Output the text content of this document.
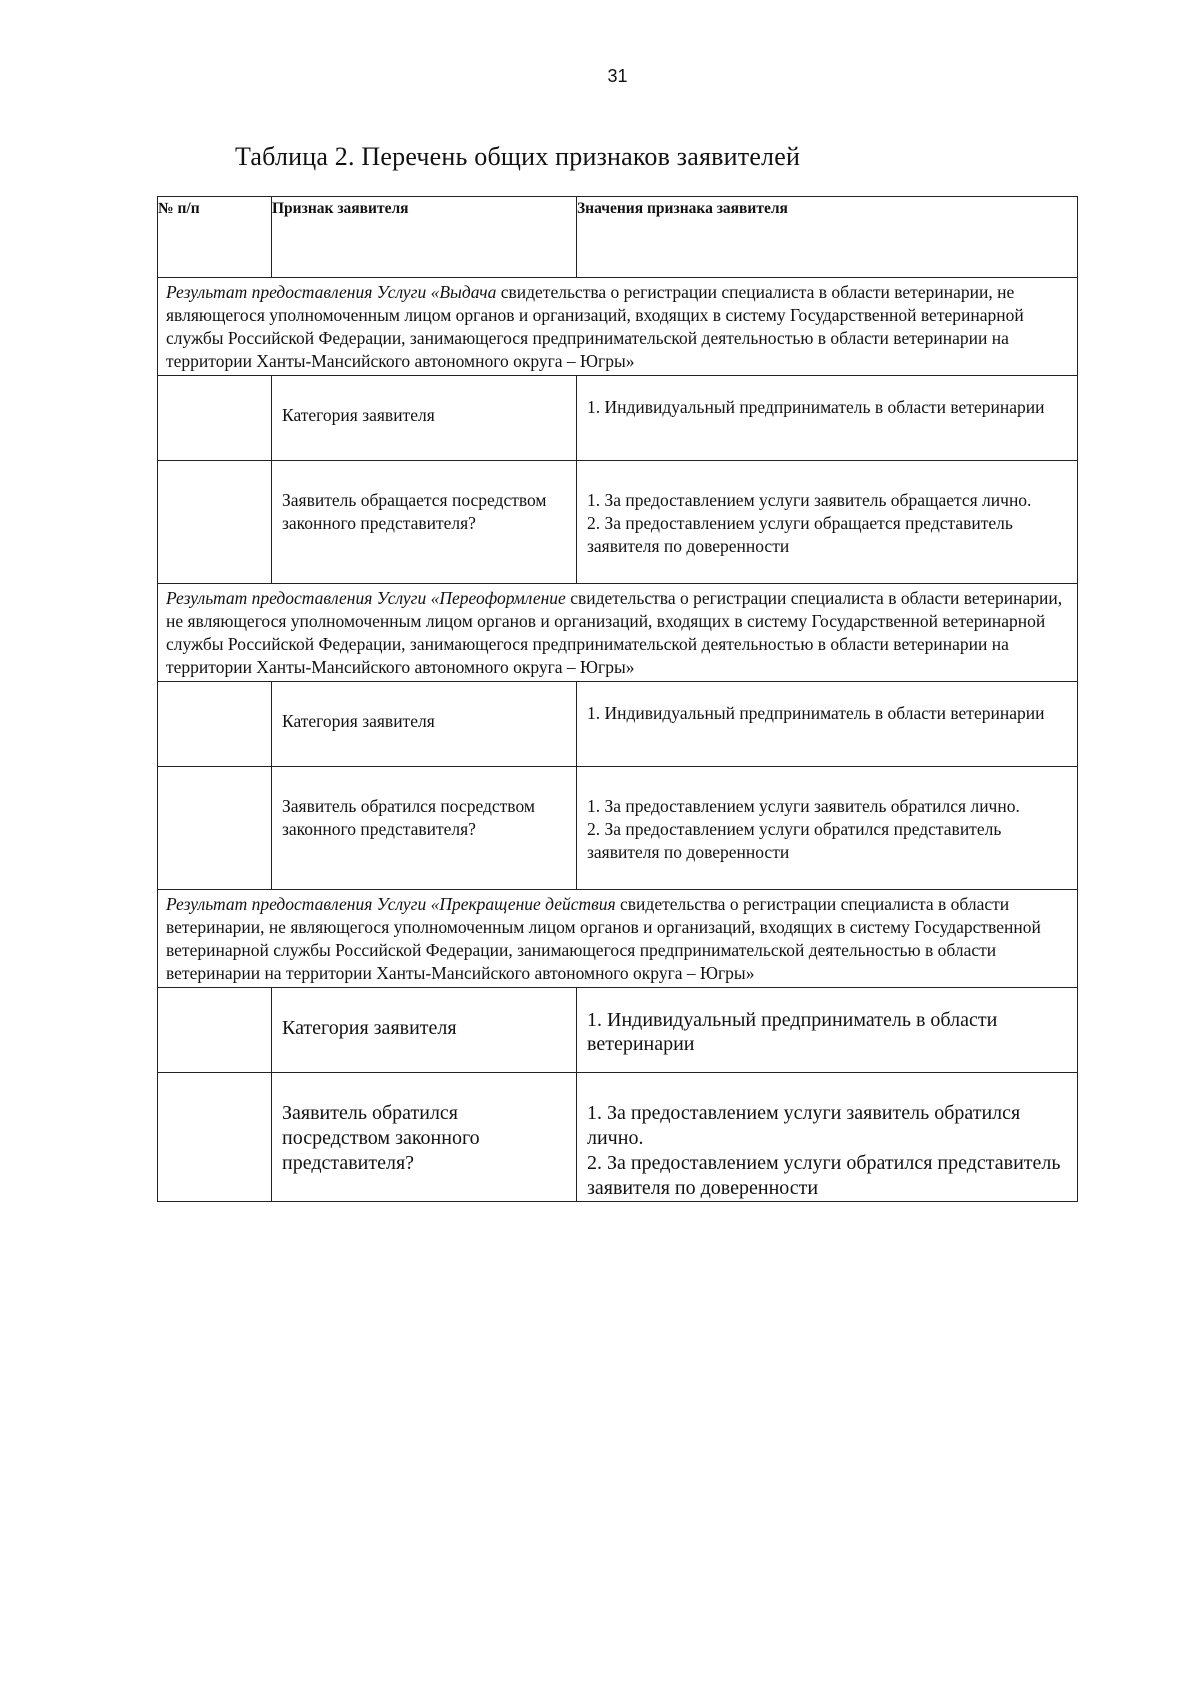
31
Таблица 2. Перечень общих признаков заявителей
№ п/п	Признак заявителя	Значения признака заявителя
Результат предоставления Услуги «Выдача свидетельства о регистрации специалиста в области ветеринарии, не являющегося уполномоченным лицом органов и организаций, входящих в систему Государственной ветеринарной службы Российской Федерации, занимающегося предпринимательской деятельностью в области ветеринарии на территории Ханты-Мансийского автономного округа – Югры»		

	Категория заявителя	1. Индивидуальный предприниматель в области ветеринарии

	Заявитель обращается посредством законного представителя?	1. За предоставлением услуги заявитель обращается лично.
2. За предоставлением услуги обращается представитель заявителя по доверенности

Результат предоставления Услуги «Переоформление свидетельства о регистрации специалиста в области ветеринарии, не являющегося уполномоченным лицом органов и организаций, входящих в систему Государственной ветеринарной службы Российской Федерации, занимающегося предпринимательской деятельностью в области ветеринарии на территории Ханты-Мансийского автономного округа – Югры»		

	Категория заявителя	1. Индивидуальный предприниматель в области ветеринарии

	Заявитель обратился посредством законного представителя?	1. За предоставлением услуги заявитель обратился лично.
2. За предоставлением услуги обратился представитель заявителя по доверенности

Результат предоставления Услуги «Прекращение действия свидетельства о регистрации специалиста в области ветеринарии, не являющегося уполномоченным лицом органов и организаций, входящих в систему Государственной ветеринарной службы Российской Федерации, занимающегося предпринимательской деятельностью в области ветеринарии на территории Ханты-Мансийского автономного округа – Югры»		

	Категория заявителя	1. Индивидуальный предприниматель в области ветеринарии

	Заявитель обратился посредством законного представителя?	1. За предоставлением услуги заявитель обратился лично.
2. За предоставлением услуги обратился представитель заявителя по доверенности
